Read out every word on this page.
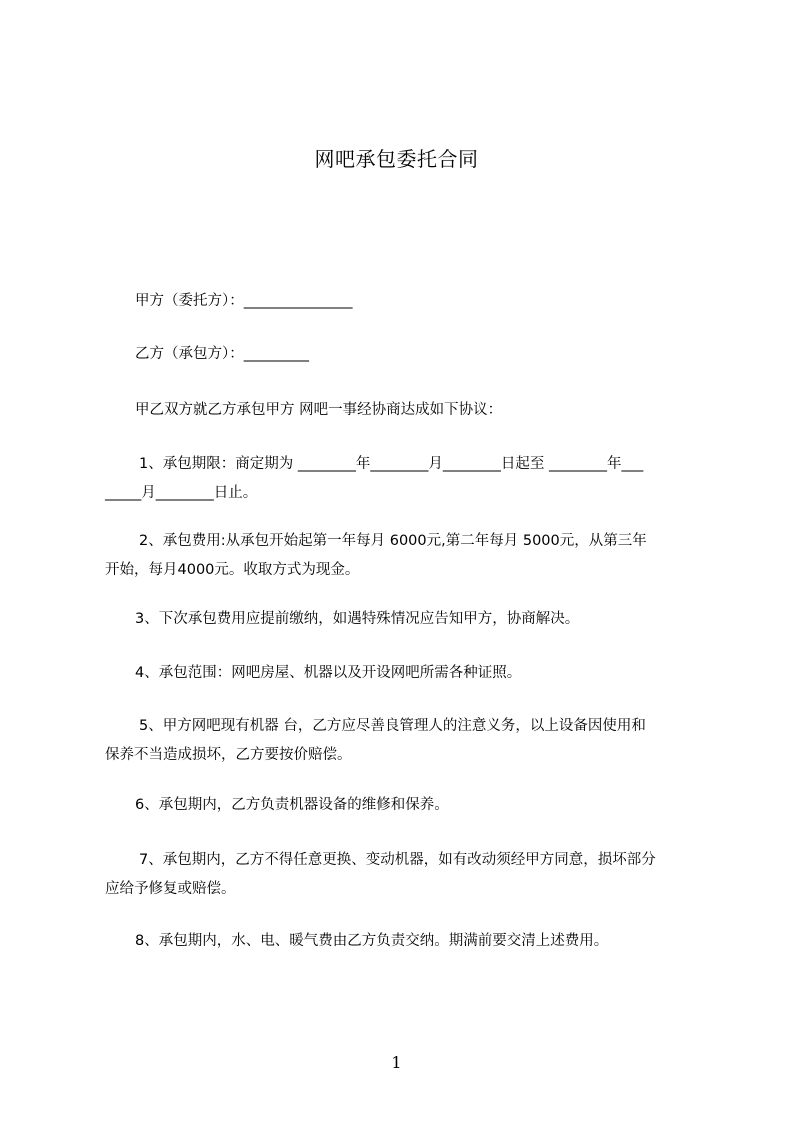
网吧承包委托合同
甲方（委托方）：_______________
乙方（承包方）：_________
甲乙双方就乙方承包甲方 网吧一事经协商达成如下协议：
1、承包期限：商定期为 ________年________月________日起至 ________年___
_____月________日止。
2、承包费用:从承包开始起第一年每月 6000元,第二年每月 5000元，从第三年
开始，每月4000元。收取方式为现金。
3、下次承包费用应提前缴纳，如遇特殊情况应告知甲方，协商解决。
4、承包范围：网吧房屋、机器以及开设网吧所需各种证照。
5、甲方网吧现有机器 台，乙方应尽善良管理人的注意义务，以上设备因使用和
保养不当造成损坏，乙方要按价赔偿。
6、承包期内，乙方负责机器设备的维修和保养。
7、承包期内，乙方不得任意更换、变动机器，如有改动须经甲方同意，损坏部分
应给予修复或赔偿。
8、承包期内，水、电、暖气费由乙方负责交纳。期满前要交清上述费用。
1
